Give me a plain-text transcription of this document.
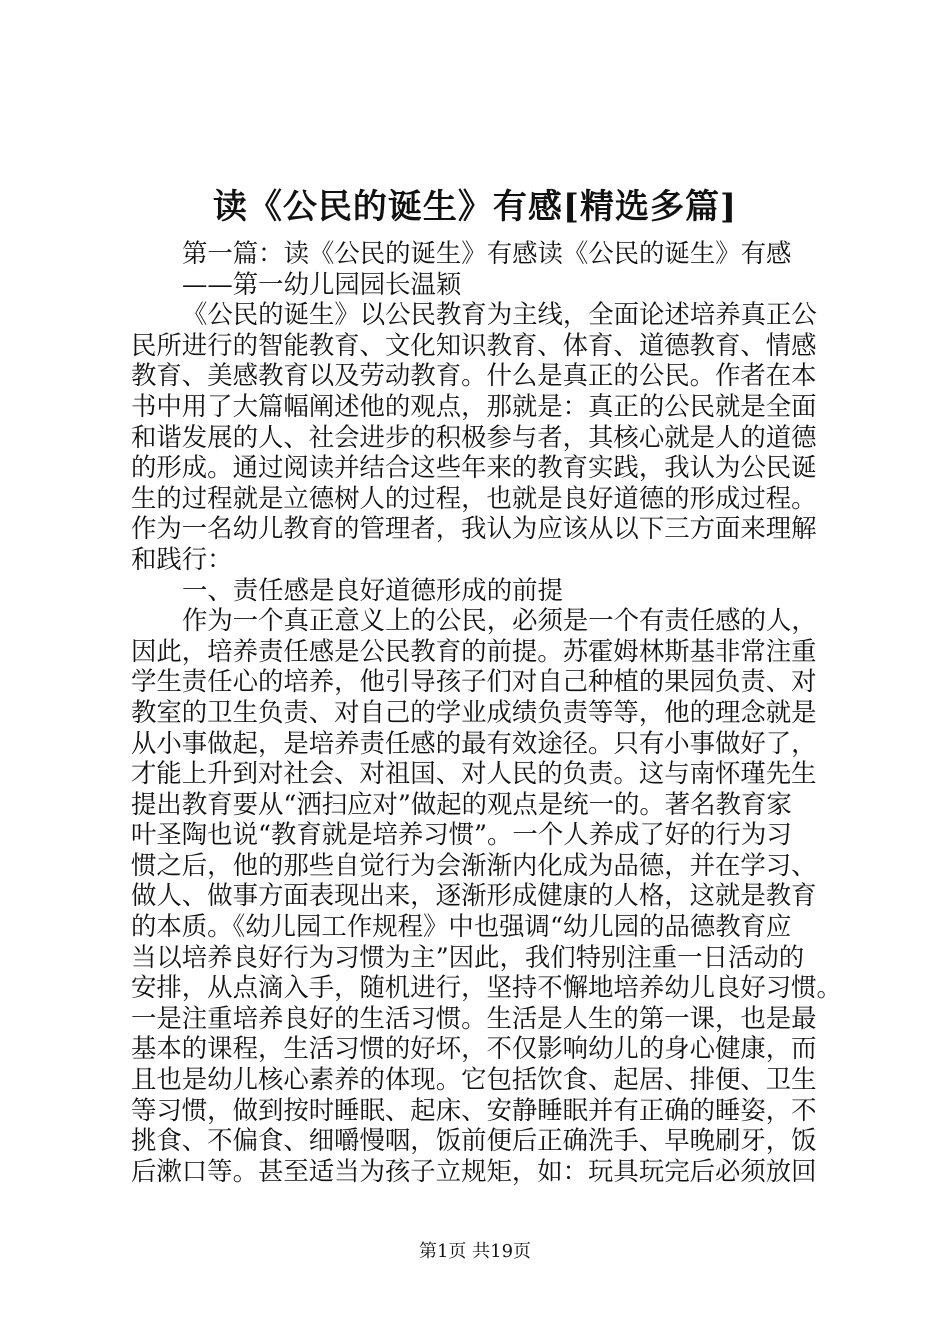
读《公民的诞生》有感[精选多篇]
第一篇：读《公民的诞生》有感读《公民的诞生》有感
——第一幼儿园园长温颖
《公民的诞生》以公民教育为主线，全面论述培养真正公
民所进行的智能教育、文化知识教育、体育、道德教育、情感
教育、美感教育以及劳动教育。什么是真正的公民。作者在本
书中用了大篇幅阐述他的观点，那就是：真正的公民就是全面
和谐发展的人、社会进步的积极参与者，其核心就是人的道德
的形成。通过阅读并结合这些年来的教育实践，我认为公民诞
生的过程就是立德树人的过程，也就是良好道德的形成过程。
作为一名幼儿教育的管理者，我认为应该从以下三方面来理解
和践行：
一、责任感是良好道德形成的前提
作为一个真正意义上的公民，必须是一个有责任感的人，
因此，培养责任感是公民教育的前提。苏霍姆林斯基非常注重
学生责任心的培养，他引导孩子们对自己种植的果园负责、对
教室的卫生负责、对自己的学业成绩负责等等，他的理念就是
从小事做起，是培养责任感的最有效途径。只有小事做好了，
才能上升到对社会、对祖国、对人民的负责。这与南怀瑾先生
提出教育要从“洒扫应对”做起的观点是统一的。著名教育家
叶圣陶也说“教育就是培养习惯”。一个人养成了好的行为习
惯之后，他的那些自觉行为会渐渐内化成为品德，并在学习、
做人、做事方面表现出来，逐渐形成健康的人格，这就是教育
的本质。《幼儿园工作规程》中也强调“幼儿园的品德教育应
当以培养良好行为习惯为主”因此，我们特别注重一日活动的
安排，从点滴入手，随机进行，坚持不懈地培养幼儿良好习惯。
一是注重培养良好的生活习惯。生活是人生的第一课，也是最
基本的课程，生活习惯的好坏，不仅影响幼儿的身心健康，而
且也是幼儿核心素养的体现。它包括饮食、起居、排便、卫生
等习惯，做到按时睡眠、起床、安静睡眠并有正确的睡姿，不
挑食、不偏食、细嚼慢咽，饭前便后正确洗手、早晚刷牙，饭
后漱口等。甚至适当为孩子立规矩，如：玩具玩完后必须放回
第1页 共19页
